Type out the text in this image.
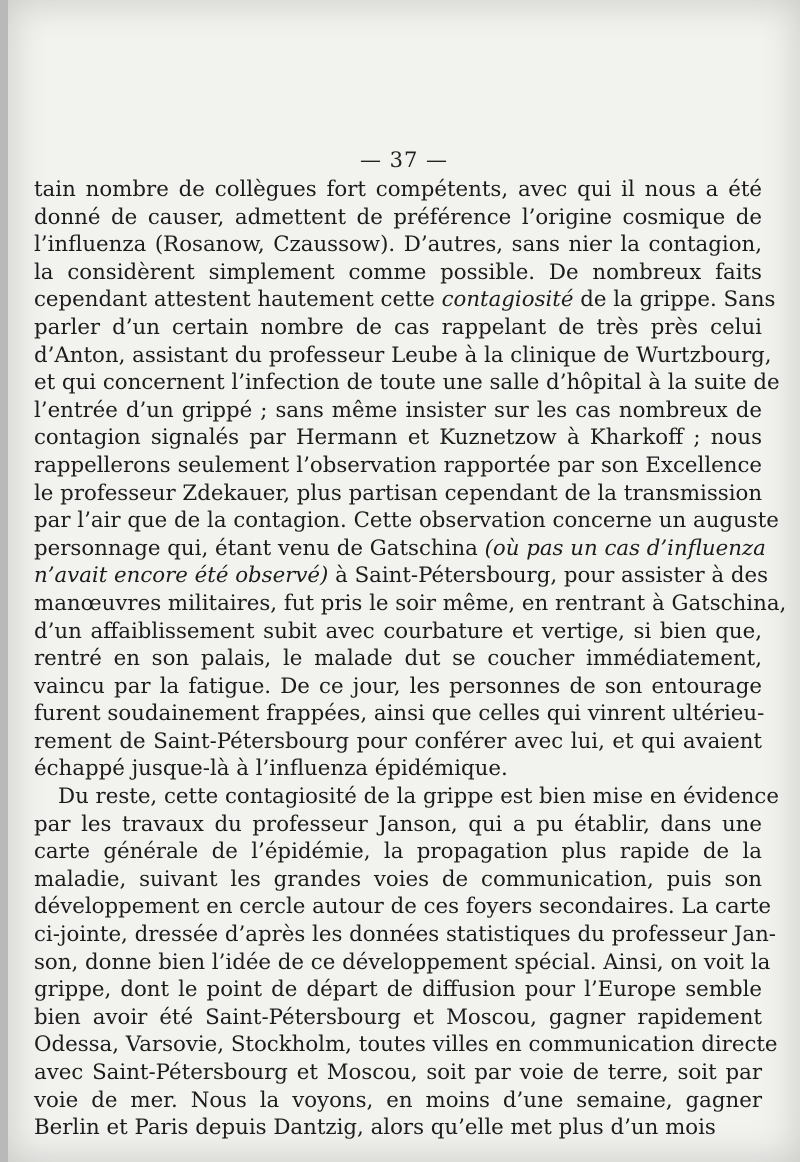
— 37 —
tain nombre de collègues fort compétents, avec qui il nous a été
donné de causer, admettent de préférence l’origine cosmique de
l’influenza (Rosanow, Czaussow). D’autres, sans nier la contagion,
la considèrent simplement comme possible. De nombreux faits
cependant attestent hautement cette contagiosité de la grippe. Sans
parler d’un certain nombre de cas rappelant de très près celui
d’Anton, assistant du professeur Leube à la clinique de Wurtzbourg,
et qui concernent l’infection de toute une salle d’hôpital à la suite de
l’entrée d’un grippé ; sans même insister sur les cas nombreux de
contagion signalés par Hermann et Kuznetzow à Kharkoff ; nous
rappellerons seulement l’observation rapportée par son Excellence
le professeur Zdekauer, plus partisan cependant de la transmission
par l’air que de la contagion. Cette observation concerne un auguste
personnage qui, étant venu de Gatschina (où pas un cas d’influenza
n’avait encore été observé) à Saint-Pétersbourg, pour assister à des
manœuvres militaires, fut pris le soir même, en rentrant à Gatschina,
d’un affaiblissement subit avec courbature et vertige, si bien que,
rentré en son palais, le malade dut se coucher immédiatement,
vaincu par la fatigue. De ce jour, les personnes de son entourage
furent soudainement frappées, ainsi que celles qui vinrent ultérieu-
rement de Saint-Pétersbourg pour conférer avec lui, et qui avaient
échappé jusque-là à l’influenza épidémique.
Du reste, cette contagiosité de la grippe est bien mise en évidence
par les travaux du professeur Janson, qui a pu établir, dans une
carte générale de l’épidémie, la propagation plus rapide de la
maladie, suivant les grandes voies de communication, puis son
développement en cercle autour de ces foyers secondaires. La carte
ci-jointe, dressée d’après les données statistiques du professeur Jan-
son, donne bien l’idée de ce développement spécial. Ainsi, on voit la
grippe, dont le point de départ de diffusion pour l’Europe semble
bien avoir été Saint-Pétersbourg et Moscou, gagner rapidement
Odessa, Varsovie, Stockholm, toutes villes en communication directe
avec Saint-Pétersbourg et Moscou, soit par voie de terre, soit par
voie de mer. Nous la voyons, en moins d’une semaine, gagner
Berlin et Paris depuis Dantzig, alors qu’elle met plus d’un mois
